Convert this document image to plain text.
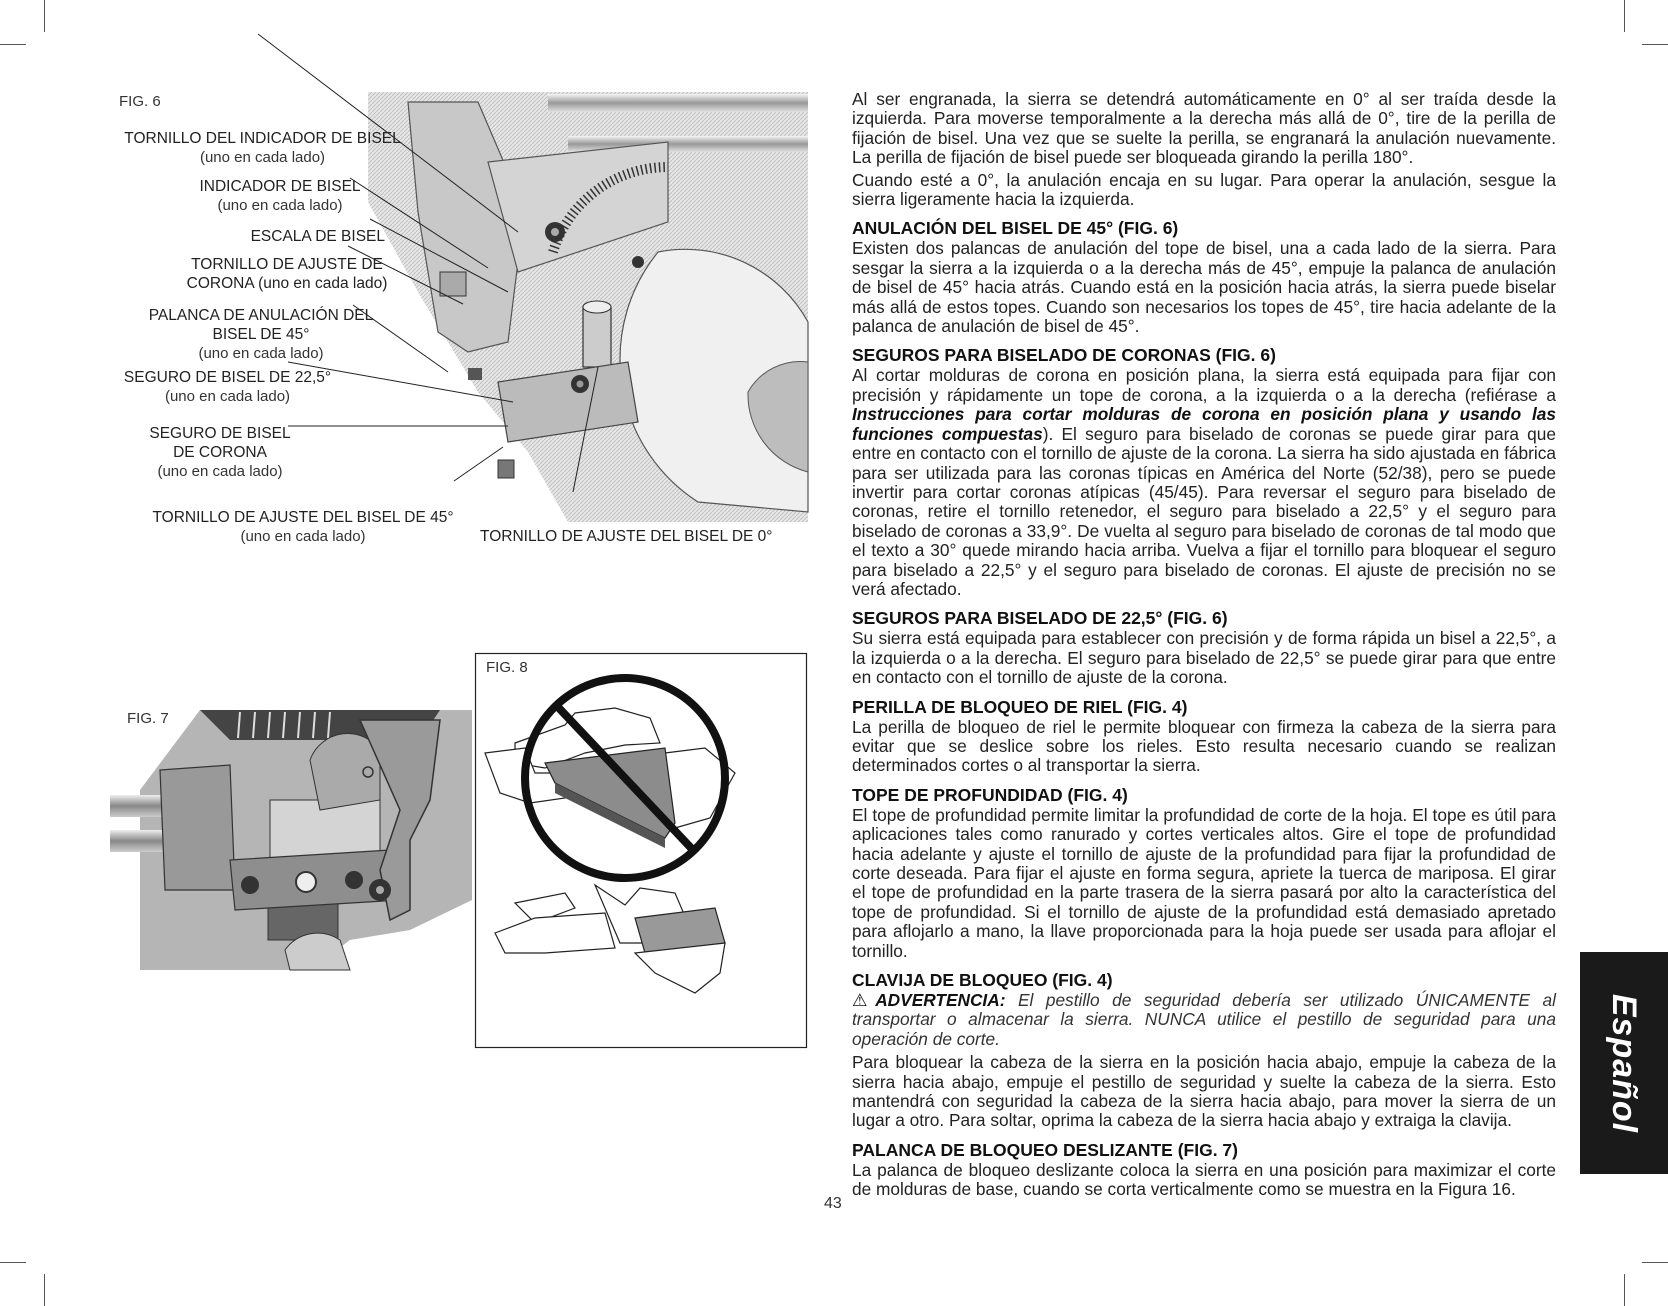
FIG. 6
TORNILLO DEL INDICADOR DE BISEL
(uno en cada lado)
INDICADOR DE BISEL
(uno en cada lado)
ESCALA DE BISEL
TORNILLO DE AJUSTE DE
CORONA (uno en cada lado)
PALANCA DE ANULACIÓN DEL
BISEL DE 45°
(uno en cada lado)
SEGURO DE BISEL DE 22,5°
(uno en cada lado)
SEGURO DE BISEL
DE CORONA
(uno en cada lado)
TORNILLO DE AJUSTE DEL BISEL DE 45°
(uno en cada lado)	TORNILLO DE AJUSTE DEL BISEL DE 0°
FIG. 7
FIG. 8

Al ser engranada, la sierra se detendrá automáticamente en 0° al ser traída desde la izquierda. Para moverse temporalmente a la derecha más allá de 0°, tire de la perilla de fijación de bisel. Una vez que se suelte la perilla, se engranará la anulación nuevamente. La perilla de fijación de bisel puede ser bloqueada girando la perilla 180°.

Cuando esté a 0°, la anulación encaja en su lugar. Para operar la anulación, sesgue la sierra ligeramente hacia la izquierda.

ANULACIÓN DEL BISEL DE 45° (FIG. 6)

Existen dos palancas de anulación del tope de bisel, una a cada lado de la sierra. Para sesgar la sierra a la izquierda o a la derecha más de 45°, empuje la palanca de anulación de bisel de 45° hacia atrás. Cuando está en la posición hacia atrás, la sierra puede biselar más allá de estos topes. Cuando son necesarios los topes de 45°, tire hacia adelante de la palanca de anulación de bisel de 45°.

SEGUROS PARA BISELADO DE CORONAS (FIG. 6)

Al cortar molduras de corona en posición plana, la sierra está equipada para fijar con precisión y rápidamente un tope de corona, a la izquierda o a la derecha (refiérase a Instrucciones para cortar molduras de corona en posición plana y usando las funciones compuestas). El seguro para biselado de coronas se puede girar para que entre en contacto con el tornillo de ajuste de la corona. La sierra ha sido ajustada en fábrica para ser utilizada para las coronas típicas en América del Norte (52/38), pero se puede invertir para cortar coronas atípicas (45/45). Para reversar el seguro para biselado de coronas, retire el tornillo retenedor, el seguro para biselado a 22,5° y el seguro para biselado de coronas a 33,9°. De vuelta al seguro para biselado de coronas de tal modo que el texto a 30° quede mirando hacia arriba. Vuelva a fijar el tornillo para bloquear el seguro para biselado a 22,5° y el seguro para biselado de coronas. El ajuste de precisión no se verá afectado.

SEGUROS PARA BISELADO DE 22,5° (FIG. 6)

Su sierra está equipada para establecer con precisión y de forma rápida un bisel a 22,5°, a la izquierda o a la derecha. El seguro para biselado de 22,5° se puede girar para que entre en contacto con el tornillo de ajuste de la corona.

PERILLA DE BLOQUEO DE RIEL (FIG. 4)

La perilla de bloqueo de riel le permite bloquear con firmeza la cabeza de la sierra para evitar que se deslice sobre los rieles. Esto resulta necesario cuando se realizan determinados cortes o al transportar la sierra.

TOPE DE PROFUNDIDAD (FIG. 4)

El tope de profundidad permite limitar la profundidad de corte de la hoja. El tope es útil para aplicaciones tales como ranurado y cortes verticales altos. Gire el tope de profundidad hacia adelante y ajuste el tornillo de ajuste de la profundidad para fijar la profundidad de corte deseada. Para fijar el ajuste en forma segura, apriete la tuerca de mariposa. El girar el tope de profundidad en la parte trasera de la sierra pasará por alto la característica del tope de profundidad. Si el tornillo de ajuste de la profundidad está demasiado apretado para aflojarlo a mano, la llave proporcionada para la hoja puede ser usada para aflojar el tornillo.

CLAVIJA DE BLOQUEO (FIG. 4)

⚠ADVERTENCIA: El pestillo de seguridad debería ser utilizado ÚNICAMENTE al transportar o almacenar la sierra. NUNCA utilice el pestillo de seguridad para una operación de corte.

Para bloquear la cabeza de la sierra en la posición hacia abajo, empuje la cabeza de la sierra hacia abajo, empuje el pestillo de seguridad y suelte la cabeza de la sierra. Esto mantendrá con seguridad la cabeza de la sierra hacia abajo, para mover la sierra de un lugar a otro. Para soltar, oprima la cabeza de la sierra hacia abajo y extraiga la clavija.

PALANCA DE BLOQUEO DESLIZANTE (FIG. 7)

La palanca de bloqueo deslizante coloca la sierra en una posición para maximizar el corte de molduras de base, cuando se corta verticalmente como se muestra en la Figura 16.

43
Español
